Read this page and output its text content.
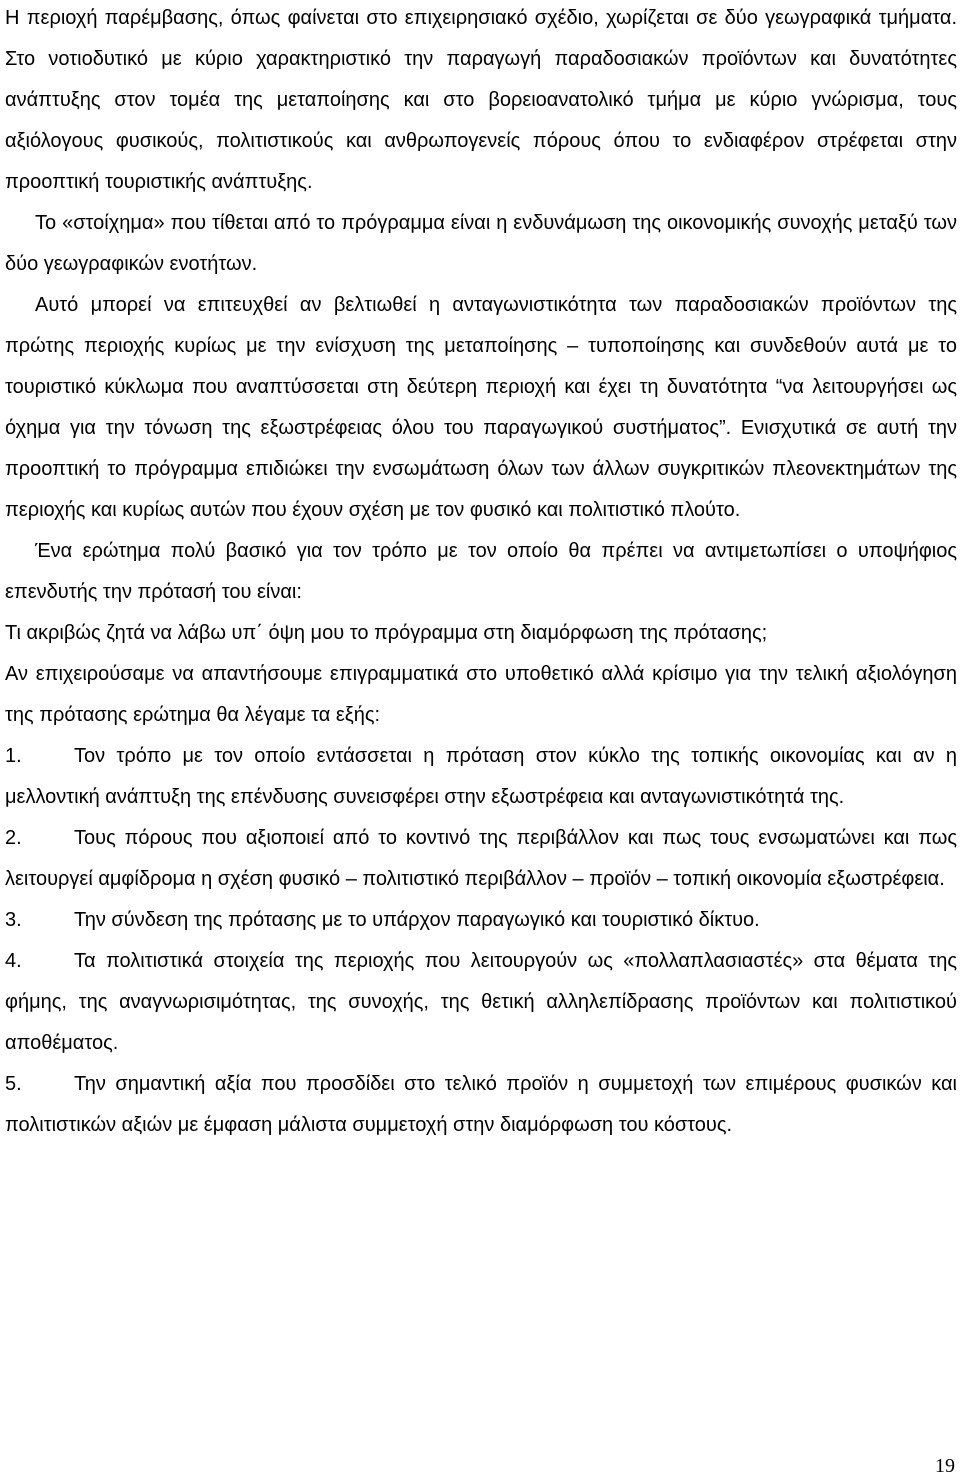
Η περιοχή παρέμβασης, όπως φαίνεται στο επιχειρησιακό σχέδιο, χωρίζεται σε δύο γεωγραφικά τμήματα. Στο νοτιοδυτικό με κύριο χαρακτηριστικό την παραγωγή παραδοσιακών προϊόντων και δυνατότητες ανάπτυξης στον τομέα της μεταποίησης και στο βορειοανατολικό τμήμα με κύριο γνώρισμα, τους αξιόλογους φυσικούς, πολιτιστικούς και ανθρωπογενείς πόρους όπου το ενδιαφέρον στρέφεται στην προοπτική τουριστικής ανάπτυξης.

Το «στοίχημα» που τίθεται από το πρόγραμμα είναι η ενδυνάμωση της οικονομικής συνοχής μεταξύ των δύο γεωγραφικών ενοτήτων.

Αυτό μπορεί να επιτευχθεί αν βελτιωθεί η ανταγωνιστικότητα των παραδοσιακών προϊόντων της πρώτης περιοχής κυρίως με την ενίσχυση της μεταποίησης – τυποποίησης και συνδεθούν αυτά με το τουριστικό κύκλωμα που αναπτύσσεται στη δεύτερη περιοχή και έχει τη δυνατότητα “να λειτουργήσει ως όχημα για την τόνωση της εξωστρέφειας όλου του παραγωγικού συστήματος”. Ενισχυτικά σε αυτή την προοπτική το πρόγραμμα επιδιώκει την ενσωμάτωση όλων των άλλων συγκριτικών πλεονεκτημάτων της περιοχής και κυρίως αυτών που έχουν σχέση με τον φυσικό και πολιτιστικό πλούτο.

Ένα ερώτημα πολύ βασικό για τον τρόπο με τον οποίο θα πρέπει να αντιμετωπίσει ο υποψήφιος επενδυτής την πρότασή του είναι:

Τι ακριβώς ζητά να λάβω υπ΄ όψη μου το πρόγραμμα στη διαμόρφωση της πρότασης;

Αν επιχειρούσαμε να απαντήσουμε επιγραμματικά στο υποθετικό αλλά κρίσιμο για την τελική αξιολόγηση της πρότασης ερώτημα θα λέγαμε τα εξής:

1.	Τον τρόπο με τον οποίο εντάσσεται η πρόταση στον κύκλο της τοπικής οικονομίας και αν η μελλοντική ανάπτυξη της επένδυσης συνεισφέρει στην εξωστρέφεια και ανταγωνιστικότητά της.

2.	Τους πόρους που αξιοποιεί από το κοντινό της περιβάλλον και πως τους ενσωματώνει και πως λειτουργεί αμφίδρομα η σχέση φυσικό – πολιτιστικό περιβάλλον – προϊόν – τοπική οικονομία εξωστρέφεια.

3.	Την σύνδεση της πρότασης με το υπάρχον παραγωγικό και τουριστικό δίκτυο.

4.	Τα πολιτιστικά στοιχεία της περιοχής που λειτουργούν ως «πολλαπλασιαστές» στα θέματα της φήμης, της αναγνωρισιμότητας, της συνοχής, της θετική αλληλεπίδρασης προϊόντων και πολιτιστικού αποθέματος.

5.	Την σημαντική αξία που προσδίδει στο τελικό προϊόν η συμμετοχή των επιμέρους φυσικών και πολιτιστικών αξιών με έμφαση μάλιστα συμμετοχή στην διαμόρφωση του κόστους.

19
